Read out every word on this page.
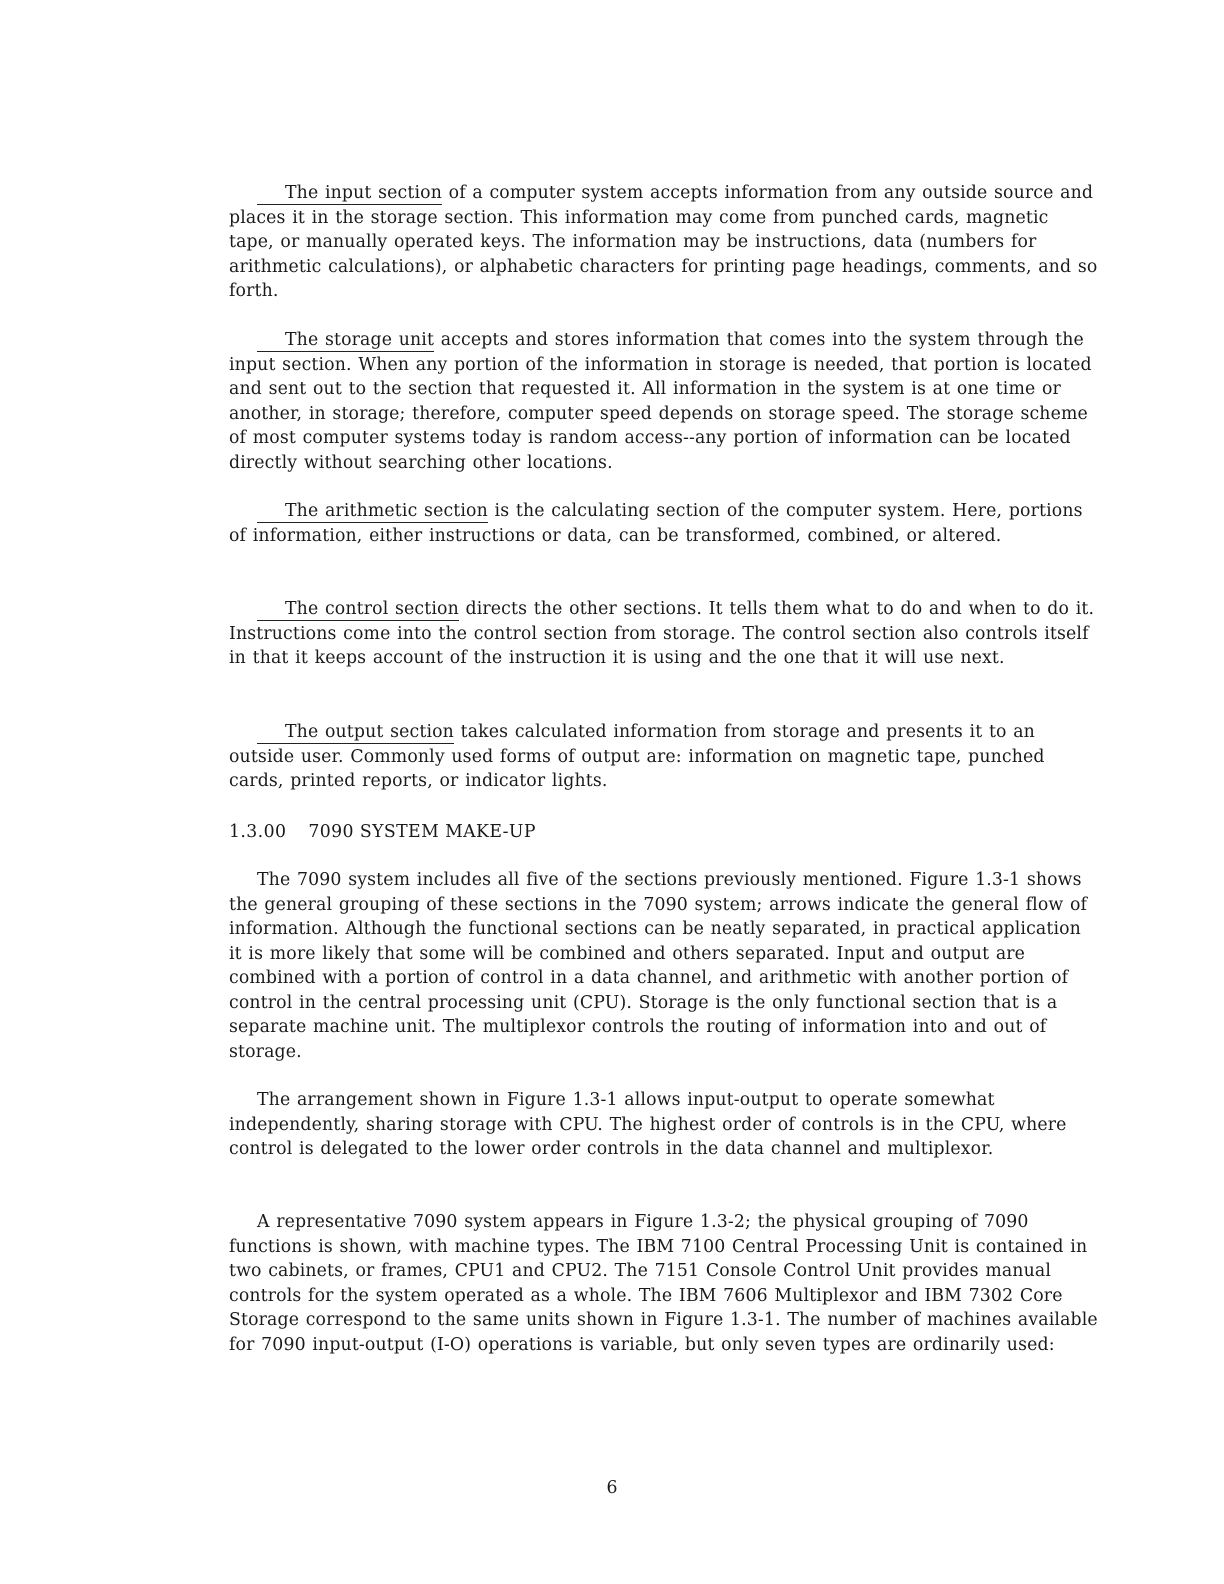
The input section of a computer system accepts information from any outside source and places it in the storage section. This information may come from punched cards, magnetic tape, or manually operated keys. The information may be instructions, data (numbers for arithmetic calculations), or alphabetic characters for printing page headings, comments, and so forth.

The storage unit accepts and stores information that comes into the system through the input section. When any portion of the information in storage is needed, that portion is located and sent out to the section that requested it. All information in the system is at one time or another, in storage; therefore, computer speed depends on storage speed. The storage scheme of most computer systems today is random access--any portion of information can be located directly without searching other locations.

The arithmetic section is the calculating section of the computer system. Here, portions of information, either instructions or data, can be transformed, combined, or altered.

The control section directs the other sections. It tells them what to do and when to do it. Instructions come into the control section from storage. The control section also controls itself in that it keeps account of the instruction it is using and the one that it will use next.

The output section takes calculated information from storage and presents it to an outside user. Commonly used forms of output are: information on magnetic tape, punched cards, printed reports, or indicator lights.

1.3.00 7090 SYSTEM MAKE-UP

The 7090 system includes all five of the sections previously mentioned. Figure 1.3-1 shows the general grouping of these sections in the 7090 system; arrows indicate the general flow of information. Although the functional sections can be neatly separated, in practical application it is more likely that some will be combined and others separated. Input and output are combined with a portion of control in a data channel, and arithmetic with another portion of control in the central processing unit (CPU). Storage is the only functional section that is a separate machine unit. The multiplexor controls the routing of information into and out of storage.

The arrangement shown in Figure 1.3-1 allows input-output to operate somewhat independently, sharing storage with CPU. The highest order of controls is in the CPU, where control is delegated to the lower order controls in the data channel and multiplexor.

A representative 7090 system appears in Figure 1.3-2; the physical grouping of 7090 functions is shown, with machine types. The IBM 7100 Central Processing Unit is contained in two cabinets, or frames, CPU1 and CPU2. The 7151 Console Control Unit provides manual controls for the system operated as a whole. The IBM 7606 Multiplexor and IBM 7302 Core Storage correspond to the same units shown in Figure 1.3-1. The number of machines available for 7090 input-output (I-O) operations is variable, but only seven types are ordinarily used:

6
